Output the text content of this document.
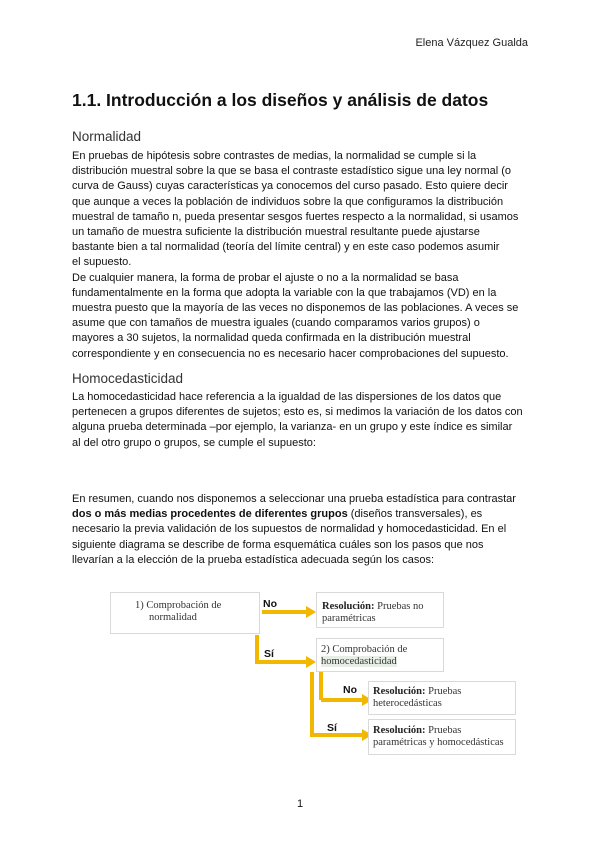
Elena Vázquez Gualda
1.1. Introducción a los diseños y análisis de datos
Normalidad

En pruebas de hipótesis sobre contrastes de medias, la normalidad se cumple si la

distribución muestral sobre la que se basa el contraste estadístico sigue una ley normal (o

curva de Gauss) cuyas características ya conocemos del curso pasado. Esto quiere decir

que aunque a veces la población de individuos sobre la que configuramos la distribución

muestral de tamaño n, pueda presentar sesgos fuertes respecto a la normalidad, si usamos

un tamaño de muestra suficiente la distribución muestral resultante puede ajustarse

bastante bien a tal normalidad (teoría del límite central) y en este caso podemos asumir

el supuesto.

De cualquier manera, la forma de probar el ajuste o no a la normalidad se basa

fundamentalmente en la forma que adopta la variable con la que trabajamos (VD) en la

muestra puesto que la mayoría de las veces no disponemos de las poblaciones. A veces se

asume que con tamaños de muestra iguales (cuando comparamos varios grupos) o

mayores a 30 sujetos, la normalidad queda confirmada en la distribución muestral

correspondiente y en consecuencia no es necesario hacer comprobaciones del supuesto.

Homocedasticidad

La homocedasticidad hace referencia a la igualdad de las dispersiones de los datos que

pertenecen a grupos diferentes de sujetos; esto es, si medimos la variación de los datos con

alguna prueba determinada –por ejemplo, la varianza- en un grupo y este índice es similar

al del otro grupo o grupos, se cumple el supuesto:

En resumen, cuando nos disponemos a seleccionar una prueba estadística para contrastar

dos o más medias procedentes de diferentes grupos (diseños transversales), es

necesario la previa validación de los supuestos de normalidad y homocedasticidad. En el

siguiente diagrama se describe de forma esquemática cuáles son los pasos que nos

llevarían a la elección de la prueba estadística adecuada según los casos:

1) Comprobación de
normalidad
No	Resolución: Pruebas no
paramétricas
Sí	2) Comprobación de
homocedasticidad
No Resolución: Pruebas
heterocedásticas
Sí	Resolución: Pruebas
paramétricas y homocedásticas
1
